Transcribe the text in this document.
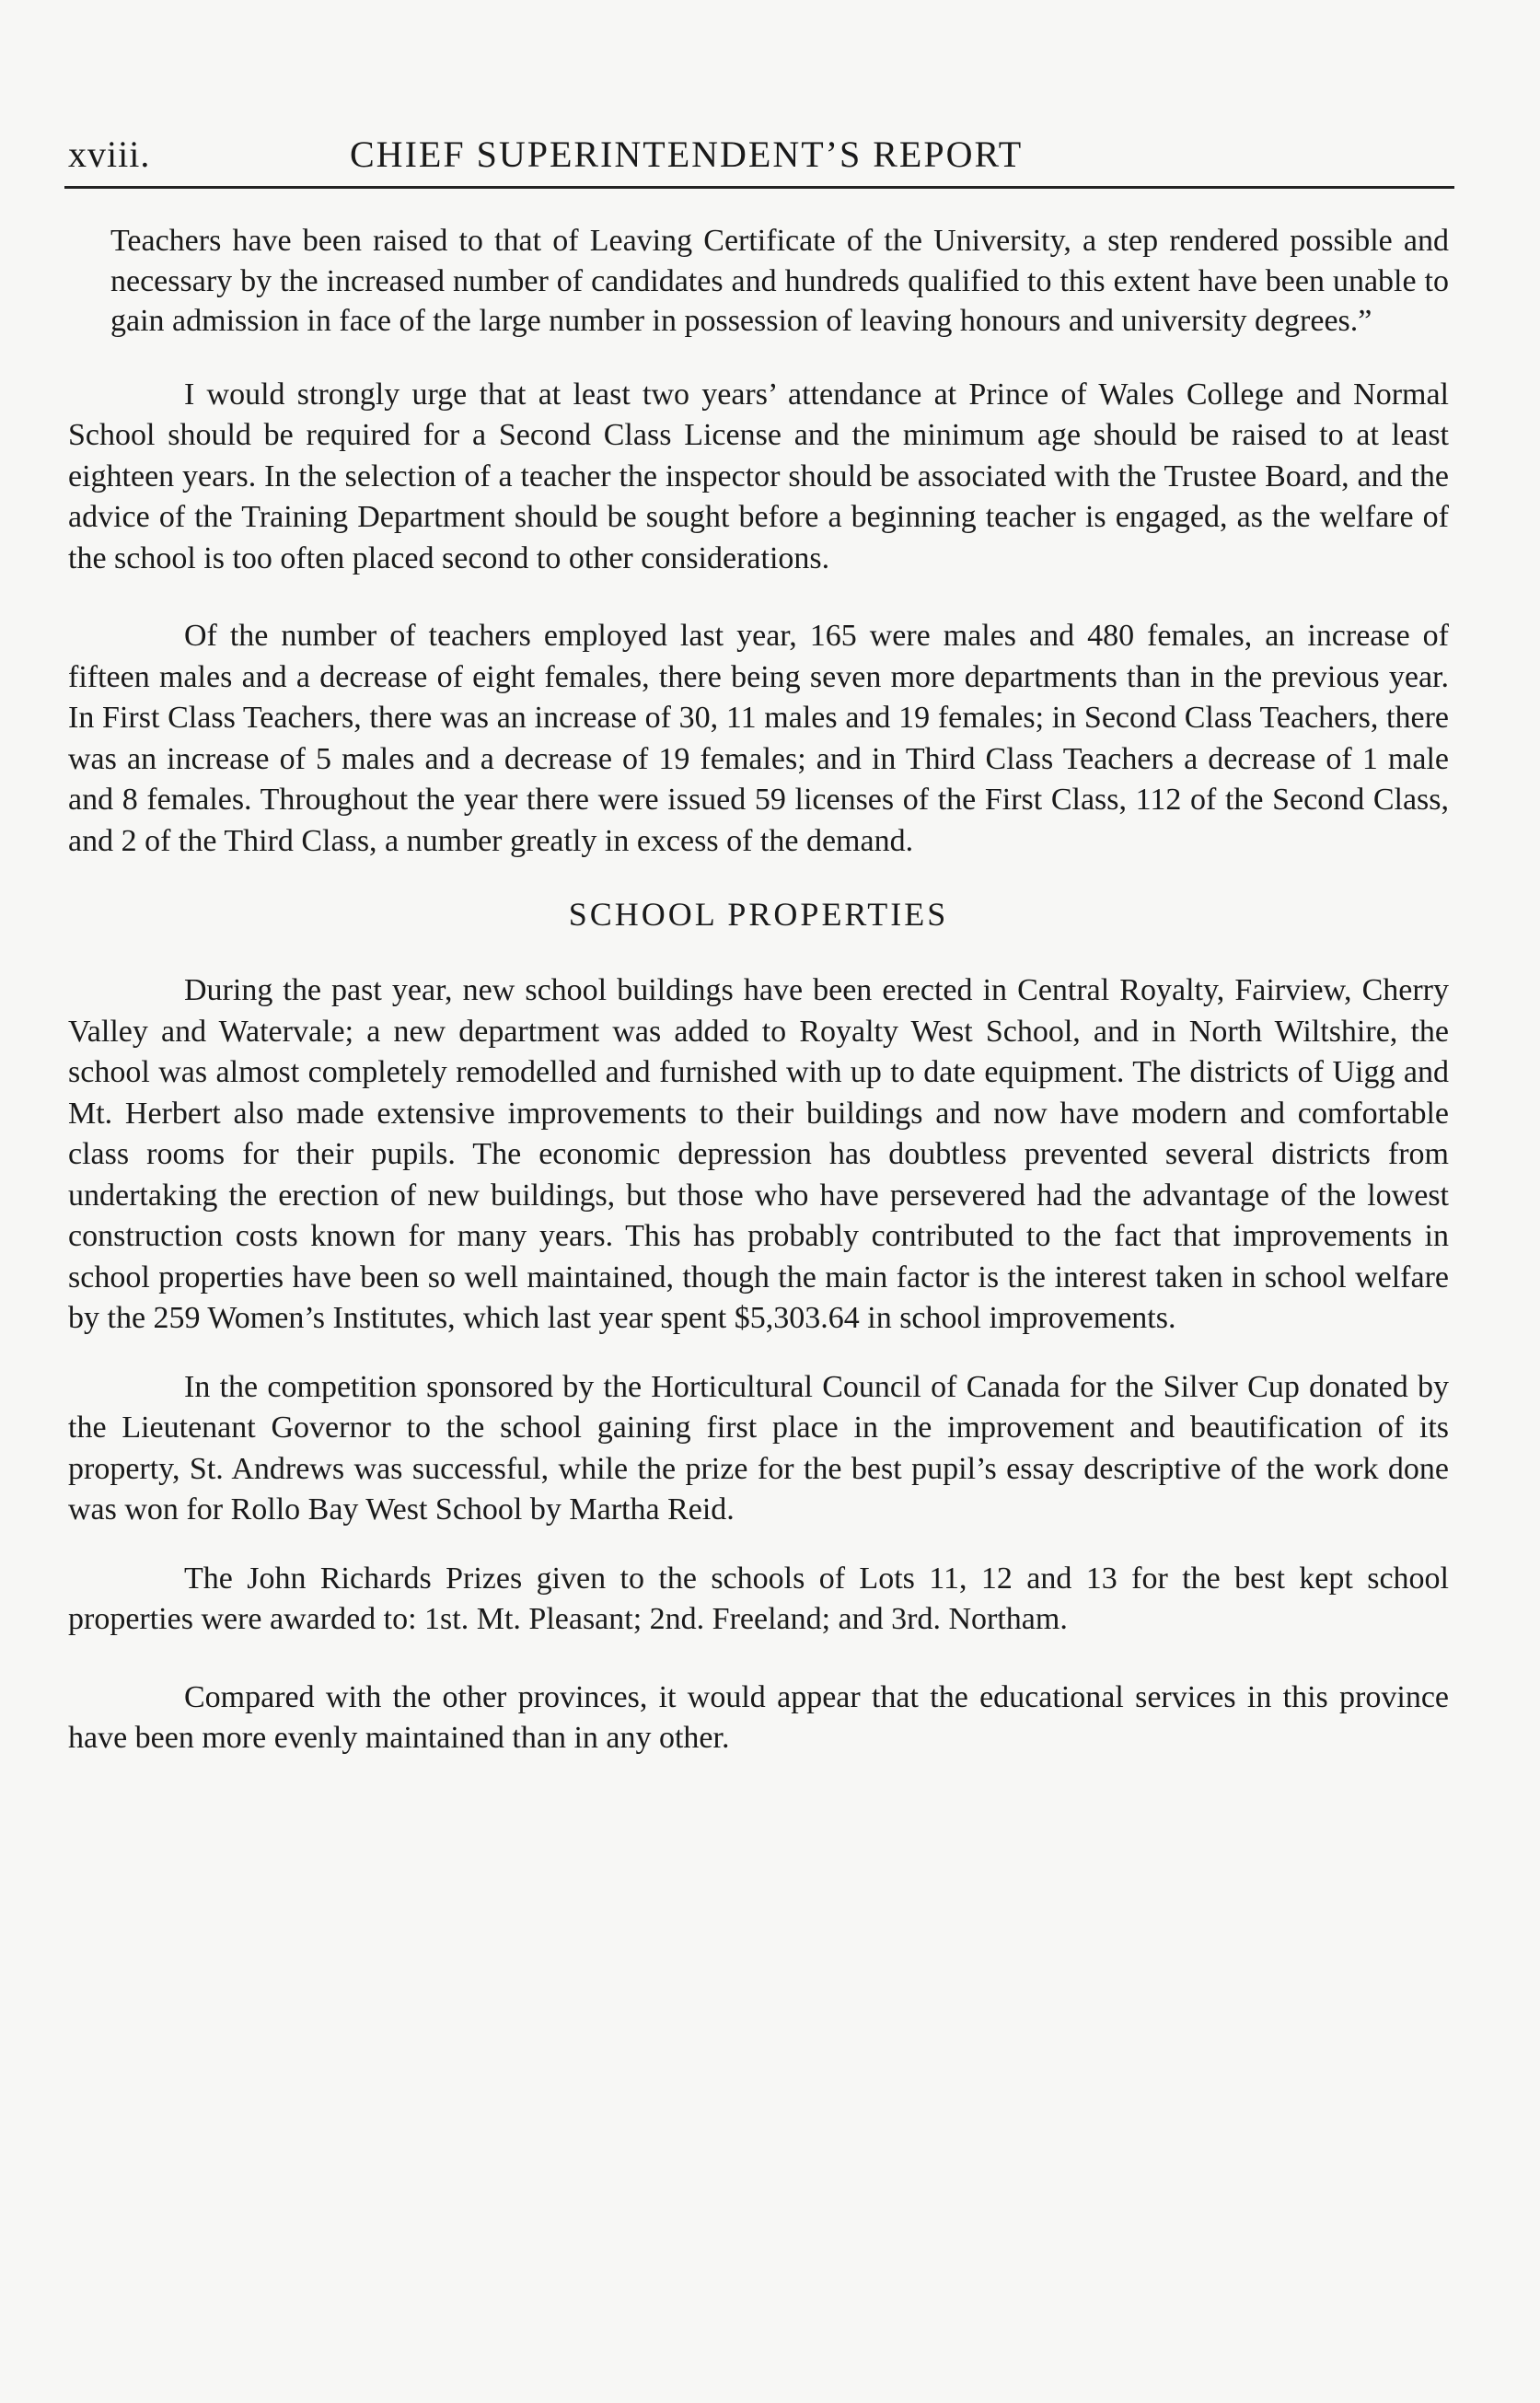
xviii.	CHIEF SUPERINTENDENT’S REPORT

Teachers have been raised to that of Leaving Certificate of the University, a step rendered possible and necessary by the increased number of candidates and hundreds qualified to this extent have been unable to gain admission in face of the large number in possession of leaving honours and university degrees.”

I would strongly urge that at least two years’ attendance at Prince of Wales College and Normal School should be required for a Second Class License and the minimum age should be raised to at least eighteen years. In the selection of a teacher the inspector should be associated with the Trustee Board, and the advice of the Training Department should be sought before a beginning teacher is engaged, as the welfare of the school is too often placed second to other considerations.

Of the number of teachers employed last year, 165 were males and 480 females, an increase of fifteen males and a decrease of eight females, there being seven more departments than in the previous year. In First Class Teachers, there was an increase of 30, 11 males and 19 females; in Second Class Teachers, there was an increase of 5 males and a decrease of 19 females; and in Third Class Teachers a decrease of 1 male and 8 females. Throughout the year there were issued 59 licenses of the First Class, 112 of the Second Class, and 2 of the Third Class, a number greatly in excess of the demand.

SCHOOL PROPERTIES

During the past year, new school buildings have been erected in Central Royalty, Fairview, Cherry Valley and Watervale; a new department was added to Royalty West School, and in North Wiltshire, the school was almost completely remodelled and furnished with up to date equipment. The districts of Uigg and Mt. Herbert also made extensive improvements to their buildings and now have modern and comfortable class rooms for their pupils. The economic depression has doubtless prevented several districts from undertaking the erection of new buildings, but those who have persevered had the advantage of the lowest construction costs known for many years. This has probably contributed to the fact that improvements in school properties have been so well maintained, though the main factor is the interest taken in school welfare by the 259 Women’s Institutes, which last year spent $5,303.64 in school improvements.

In the competition sponsored by the Horticultural Council of Canada for the Silver Cup donated by the Lieutenant Governor to the school gaining first place in the improvement and beautification of its property, St. Andrews was successful, while the prize for the best pupil’s essay descriptive of the work done was won for Rollo Bay West School by Martha Reid.

The John Richards Prizes given to the schools of Lots 11, 12 and 13 for the best kept school properties were awarded to: 1st. Mt. Pleasant; 2nd. Freeland; and 3rd. Northam.

Compared with the other provinces, it would appear that the educational services in this province have been more evenly maintained than in any other.
